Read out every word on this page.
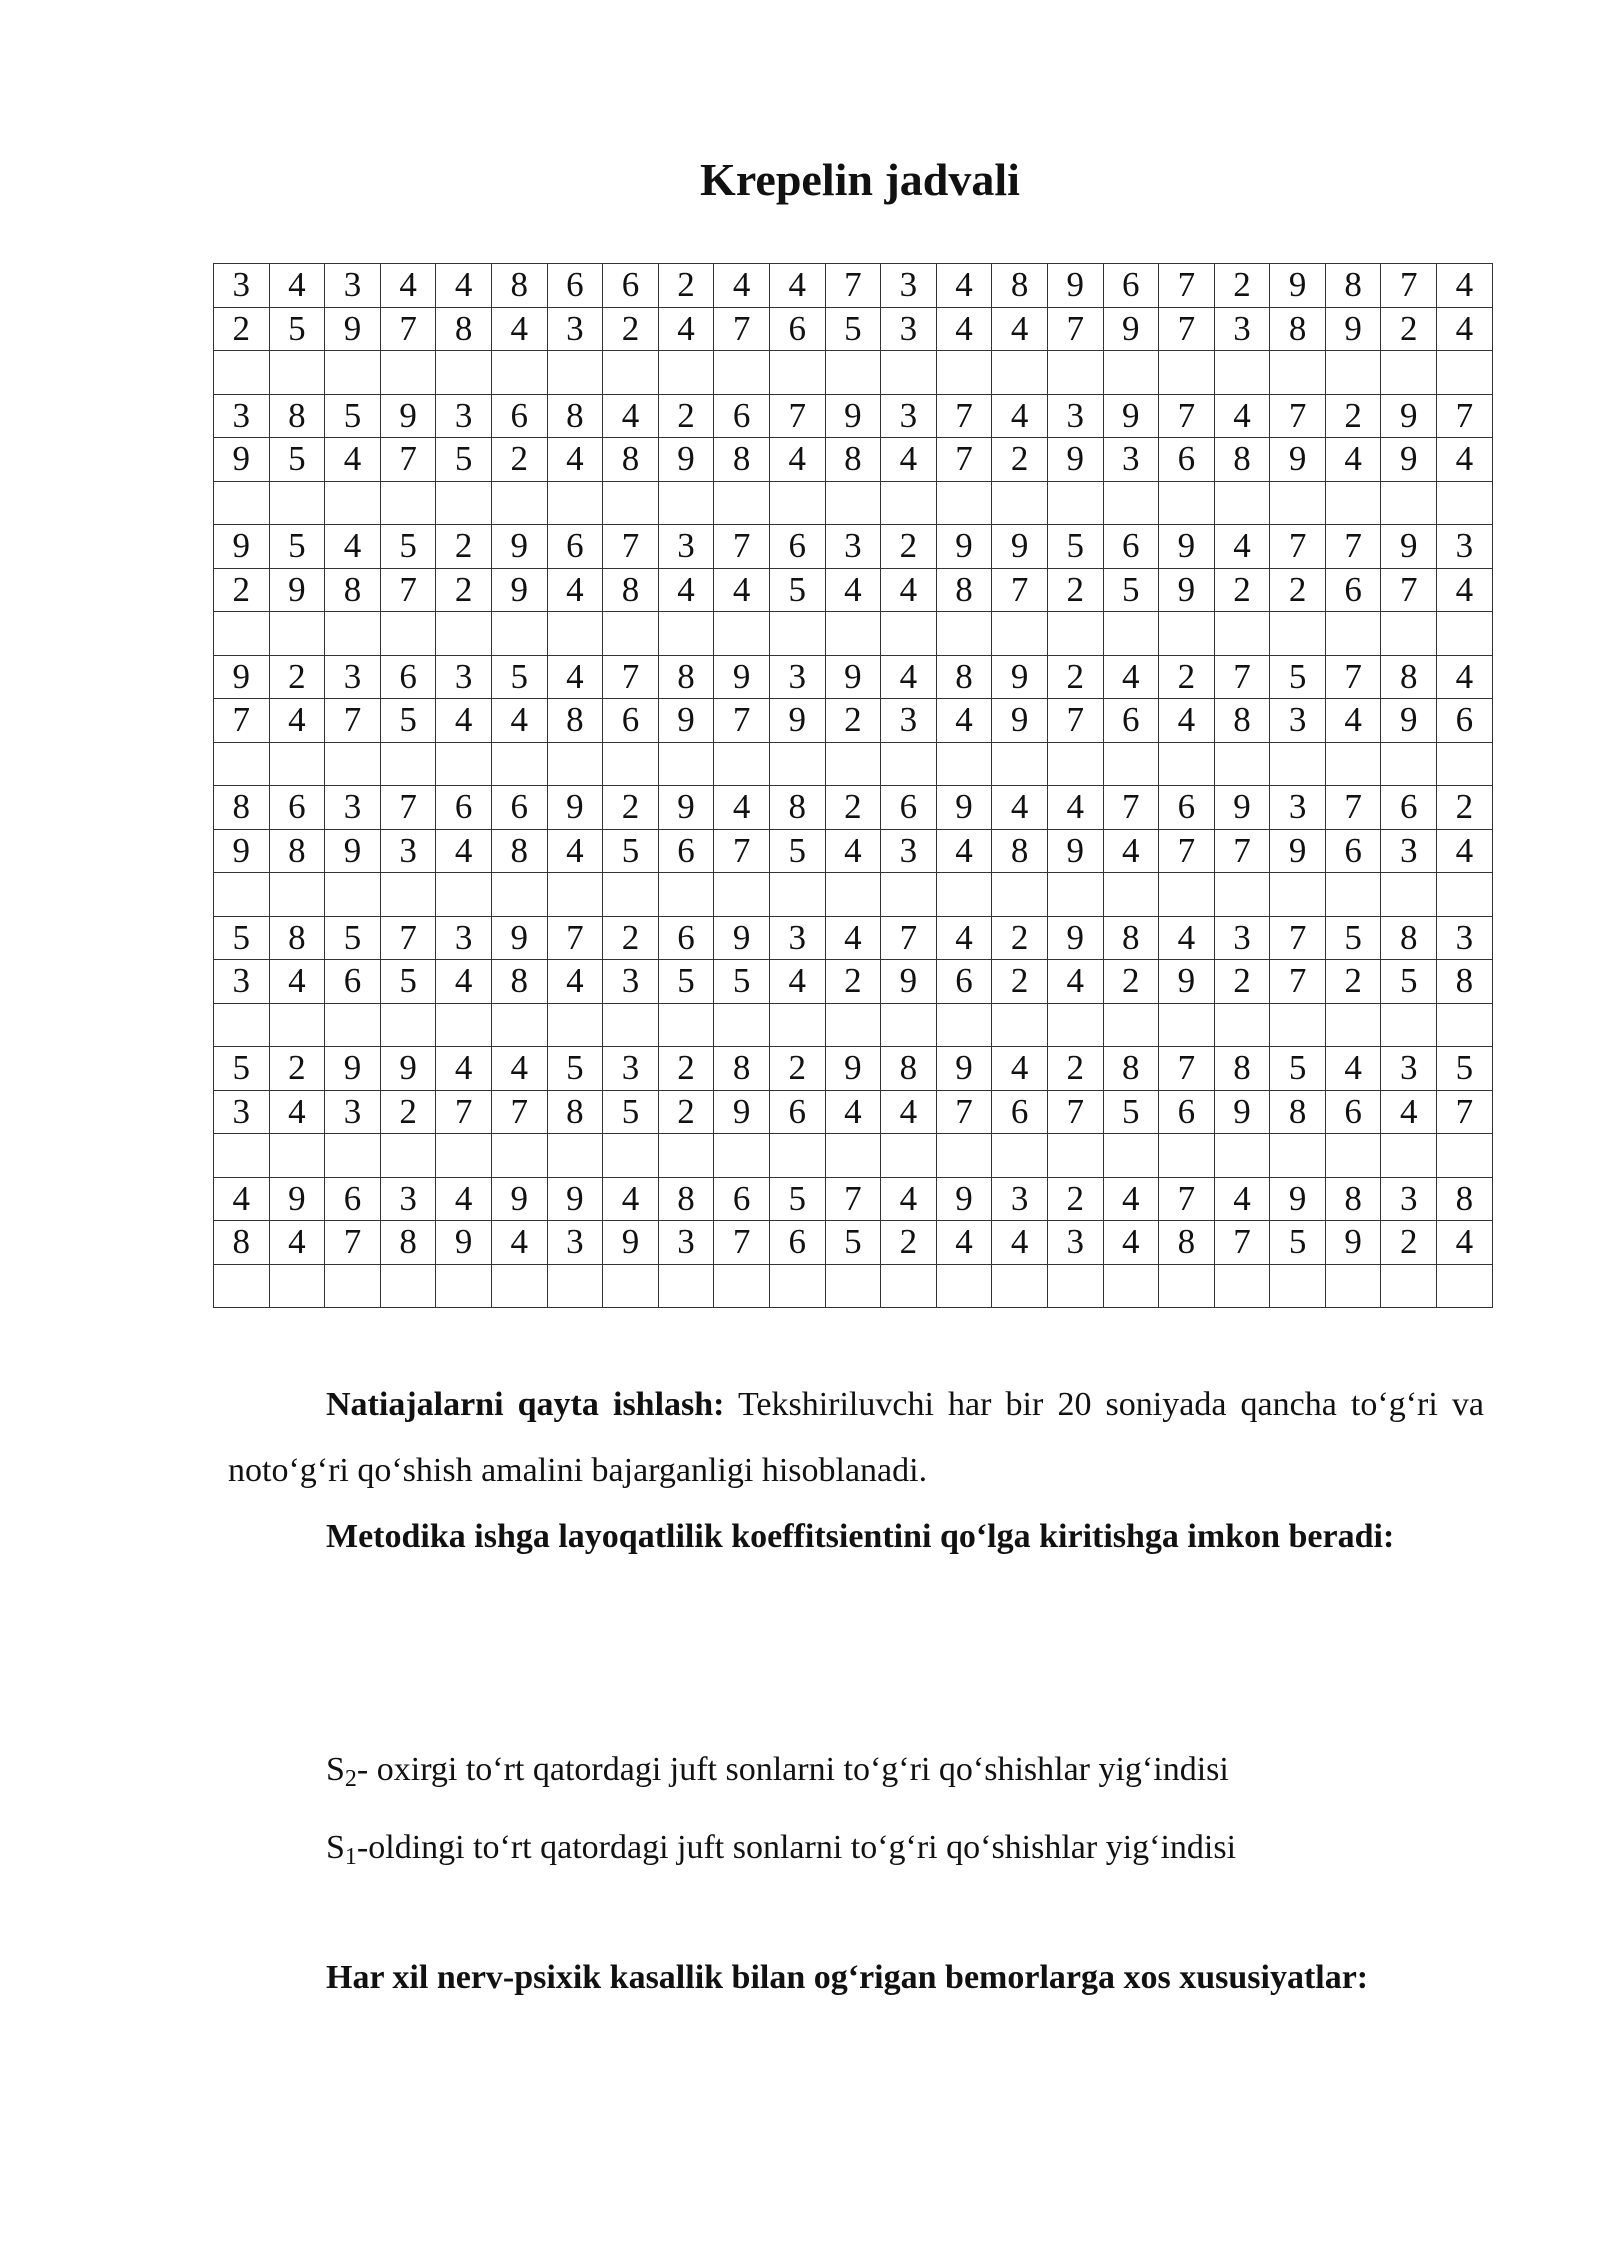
Krepelin jadvali
3	4	3	4	4	8	6	6	2	4	4	7	3	4	8	9	6	7	2	9	8	7	4
2	5	9	7	8	4	3	2	4	7	6	5	3	4	4	7	9	7	3	8	9	2	4

3	8	5	9	3	6	8	4	2	6	7	9	3	7	4	3	9	7	4	7	2	9	7
9	5	4	7	5	2	4	8	9	8	4	8	4	7	2	9	3	6	8	9	4	9	4

9	5	4	5	2	9	6	7	3	7	6	3	2	9	9	5	6	9	4	7	7	9	3
2	9	8	7	2	9	4	8	4	4	5	4	4	8	7	2	5	9	2	2	6	7	4

9	2	3	6	3	5	4	7	8	9	3	9	4	8	9	2	4	2	7	5	7	8	4
7	4	7	5	4	4	8	6	9	7	9	2	3	4	9	7	6	4	8	3	4	9	6

8	6	3	7	6	6	9	2	9	4	8	2	6	9	4	4	7	6	9	3	7	6	2
9	8	9	3	4	8	4	5	6	7	5	4	3	4	8	9	4	7	7	9	6	3	4

5	8	5	7	3	9	7	2	6	9	3	4	7	4	2	9	8	4	3	7	5	8	3
3	4	6	5	4	8	4	3	5	5	4	2	9	6	2	4	2	9	2	7	2	5	8

5	2	9	9	4	4	5	3	2	8	2	9	8	9	4	2	8	7	8	5	4	3	5
3	4	3	2	7	7	8	5	2	9	6	4	4	7	6	7	5	6	9	8	6	4	7

4	9	6	3	4	9	9	4	8	6	5	7	4	9	3	2	4	7	4	9	8	3	8
8	4	7	8	9	4	3	9	3	7	6	5	2	4	4	3	4	8	7	5	9	2	4

Natiajalarni qayta ishlash: Tekshiriluvchi har bir 20 soniyada qancha to‘g‘ri va noto‘g‘ri qo‘shish amalini bajarganligi hisoblanadi.
Metodika ishga layoqatlilik koeffitsientini qo‘lga kiritishga imkon beradi:
$S_2-$ oxirgi to‘rt qatordagi juft sonlarni to‘g‘ri qo‘shishlar yig‘indisi
$S_1$-oldingi to‘rt qatordagi juft sonlarni to‘g‘ri qo‘shishlar yig‘indisi
Har xil nerv-psixik kasallik bilan og‘rigan bemorlarga xos xususiyatlar:
